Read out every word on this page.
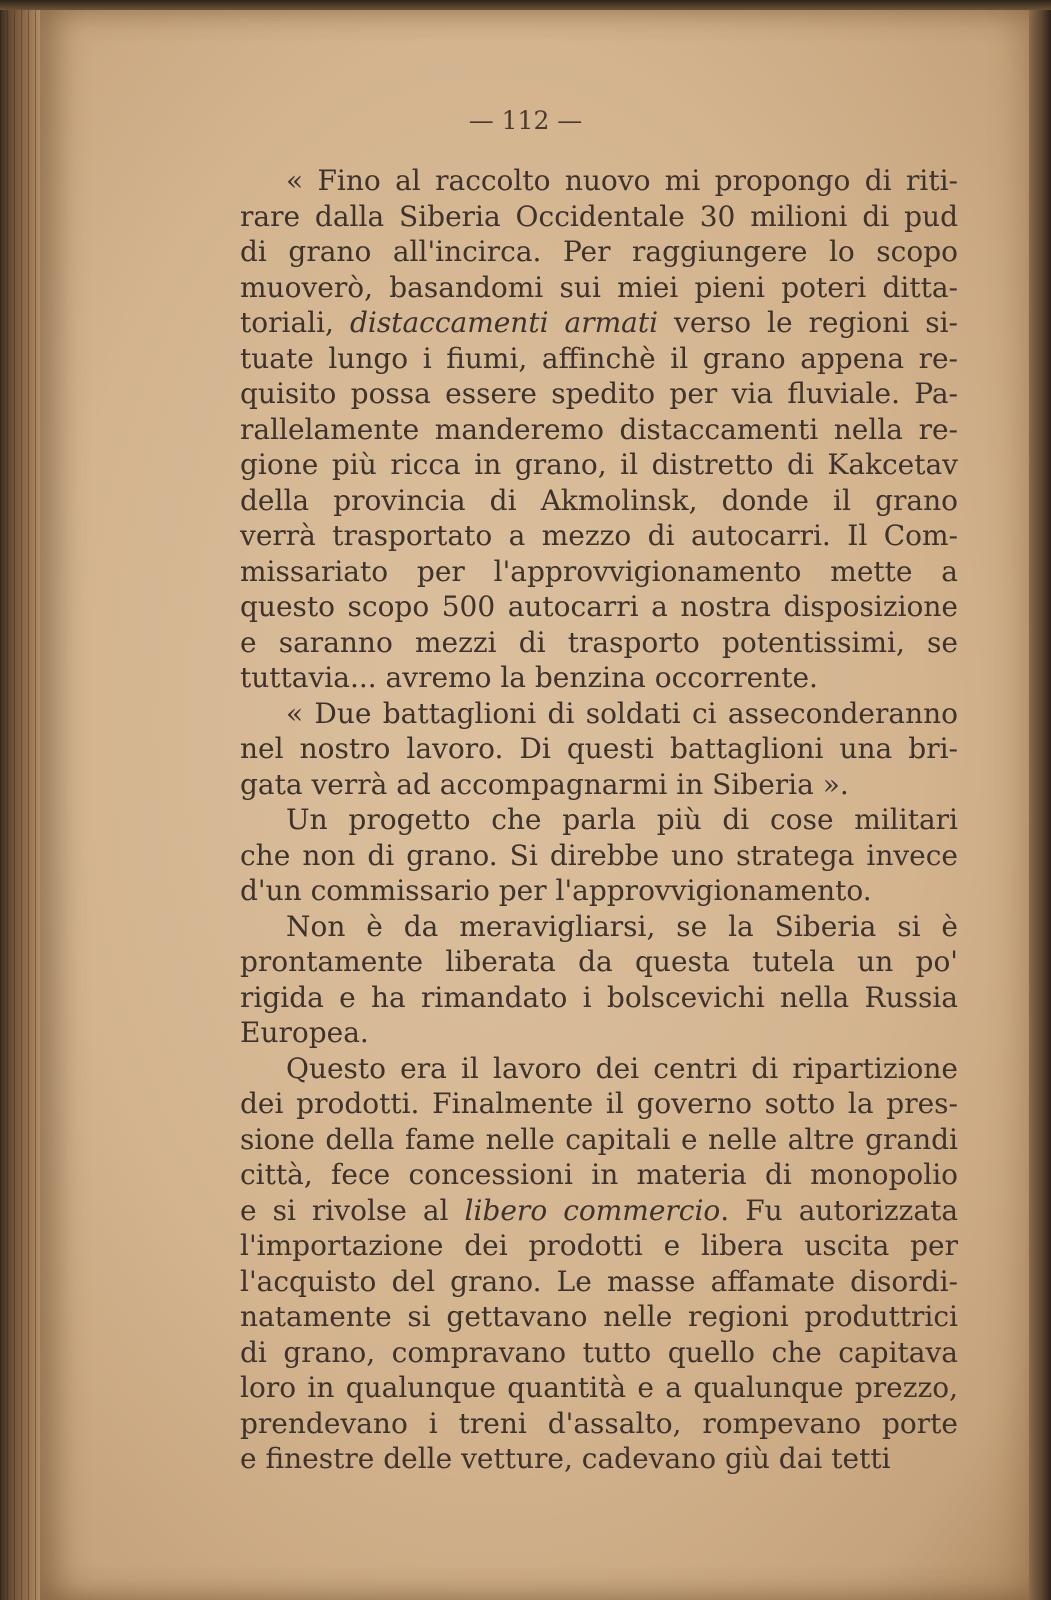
— 112 —

« Fino al raccolto nuovo mi propongo di riti-
rare dalla Siberia Occidentale 30 milioni di pud
di grano all'incirca. Per raggiungere lo scopo
muoverò, basandomi sui miei pieni poteri ditta-
toriali, distaccamenti armati verso le regioni si-
tuate lungo i fiumi, affinchè il grano appena re-
quisito possa essere spedito per via fluviale. Pa-
rallelamente manderemo distaccamenti nella re-
gione più ricca in grano, il distretto di Kakcetav
della provincia di Akmolinsk, donde il grano
verrà trasportato a mezzo di autocarri. Il Com-
missariato per l'approvvigionamento mette a
questo scopo 500 autocarri a nostra disposizione
e saranno mezzi di trasporto potentissimi, se
tuttavia... avremo la benzina occorrente.

« Due battaglioni di soldati ci asseconderanno
nel nostro lavoro. Di questi battaglioni una bri-
gata verrà ad accompagnarmi in Siberia ».

Un progetto che parla più di cose militari
che non di grano. Si direbbe uno stratega invece
d'un commissario per l'approvvigionamento.

Non è da meravigliarsi, se la Siberia si è
prontamente liberata da questa tutela un po'
rigida e ha rimandato i bolscevichi nella Russia
Europea.

Questo era il lavoro dei centri di ripartizione
dei prodotti. Finalmente il governo sotto la pres-
sione della fame nelle capitali e nelle altre grandi
città, fece concessioni in materia di monopolio
e si rivolse al libero commercio. Fu autorizzata
l'importazione dei prodotti e libera uscita per
l'acquisto del grano. Le masse affamate disordi-
natamente si gettavano nelle regioni produttrici
di grano, compravano tutto quello che capitava
loro in qualunque quantità e a qualunque prezzo,
prendevano i treni d'assalto, rompevano porte
e finestre delle vetture, cadevano giù dai tetti
